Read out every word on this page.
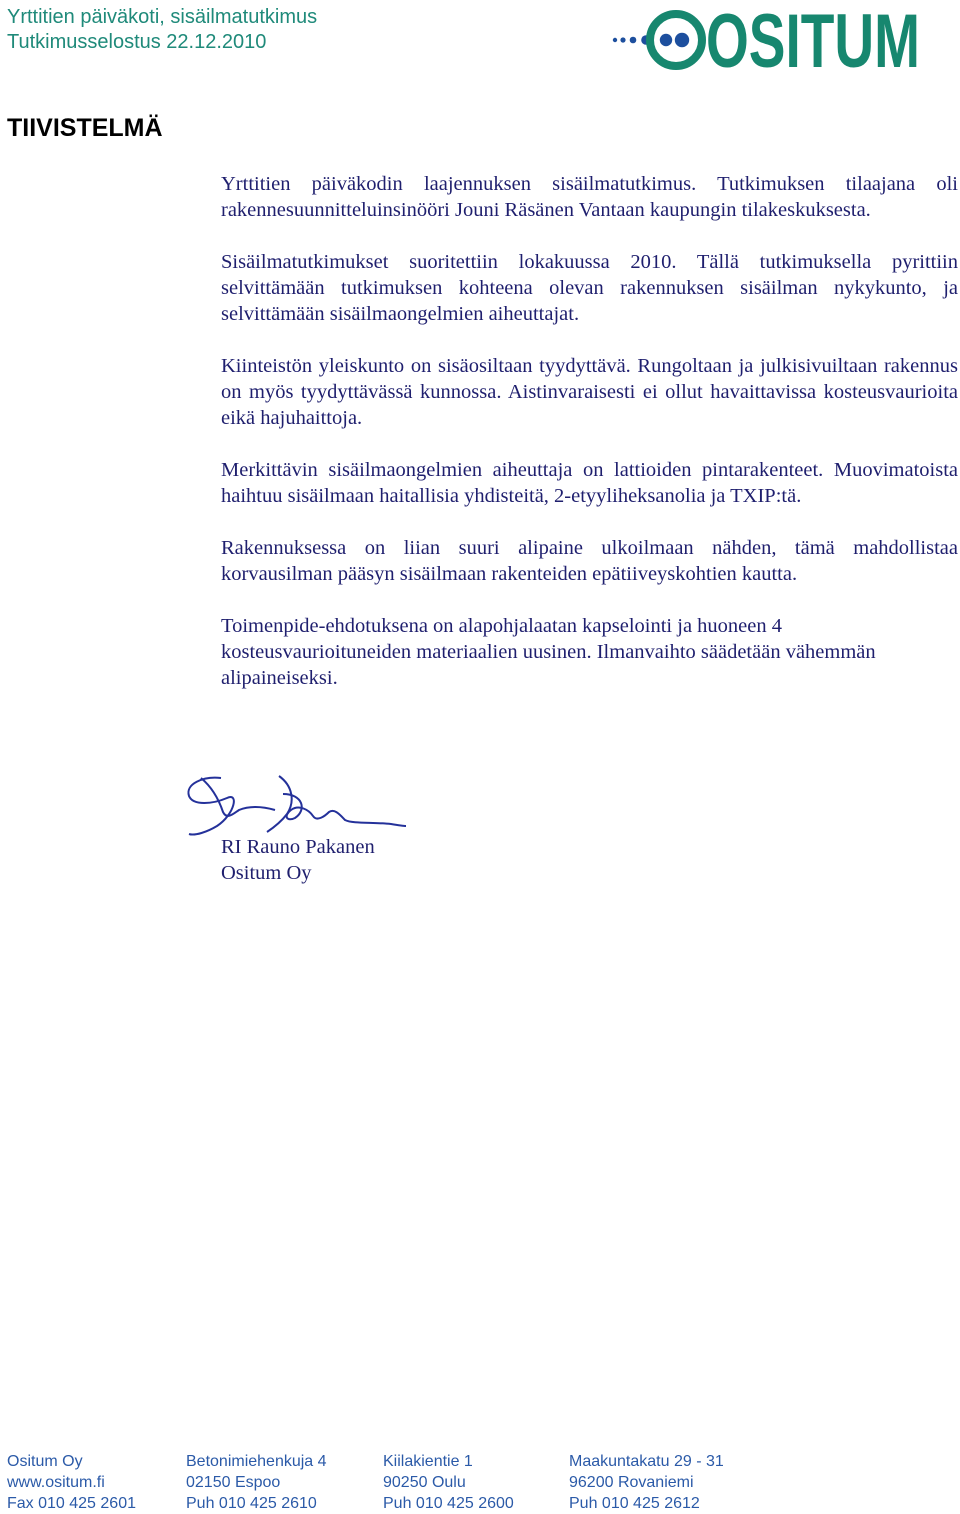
Yrttitien päiväkoti, sisäilmatutkimus
Tutkimusselostus 22.12.2010	OSITUM
TIIVISTELMÄ

Yrttitien päiväkodin laajennuksen sisäilmatutkimus. Tutkimuksen tilaajana oli rakennesuunnitteluinsinööri Jouni Räsänen Vantaan kaupungin tilakeskuksesta.

Sisäilmatutkimukset suoritettiin lokakuussa 2010. Tällä tutkimuksella pyrittiin selvittämään tutkimuksen kohteena olevan rakennuksen sisäilman nykykunto, ja selvittämään sisäilmaongelmien aiheuttajat.

Kiinteistön yleiskunto on sisäosiltaan tyydyttävä. Rungoltaan ja julkisivuiltaan rakennus on myös tyydyttävässä kunnossa. Aistinvaraisesti ei ollut havaittavissa kosteusvaurioita eikä hajuhaittoja.

Merkittävin sisäilmaongelmien aiheuttaja on lattioiden pintarakenteet. Muovimatoista haihtuu sisäilmaan haitallisia yhdisteitä, 2-etyyliheksanolia ja TXIP:tä.

Rakennuksessa on liian suuri alipaine ulkoilmaan nähden, tämä mahdollistaa korvausilman pääsyn sisäilmaan rakenteiden epätiiveyskohtien kautta.

Toimenpide-ehdotuksena on alapohjalaatan kapselointi ja huoneen 4 kosteusvaurioituneiden materiaalien uusinen. Ilmanvaihto säädetään vähemmän alipaineiseksi.

RI Rauno Pakanen
Ositum Oy
Ositum Oy
www.ositum.fi
Fax 010 425 2601
Betonimiehenkuja 4
02150 Espoo
Puh 010 425 2610
Kiilakientie 1
90250 Oulu
Puh 010 425 2600
Maakuntakatu 29 - 31
96200 Rovaniemi
Puh 010 425 2612
